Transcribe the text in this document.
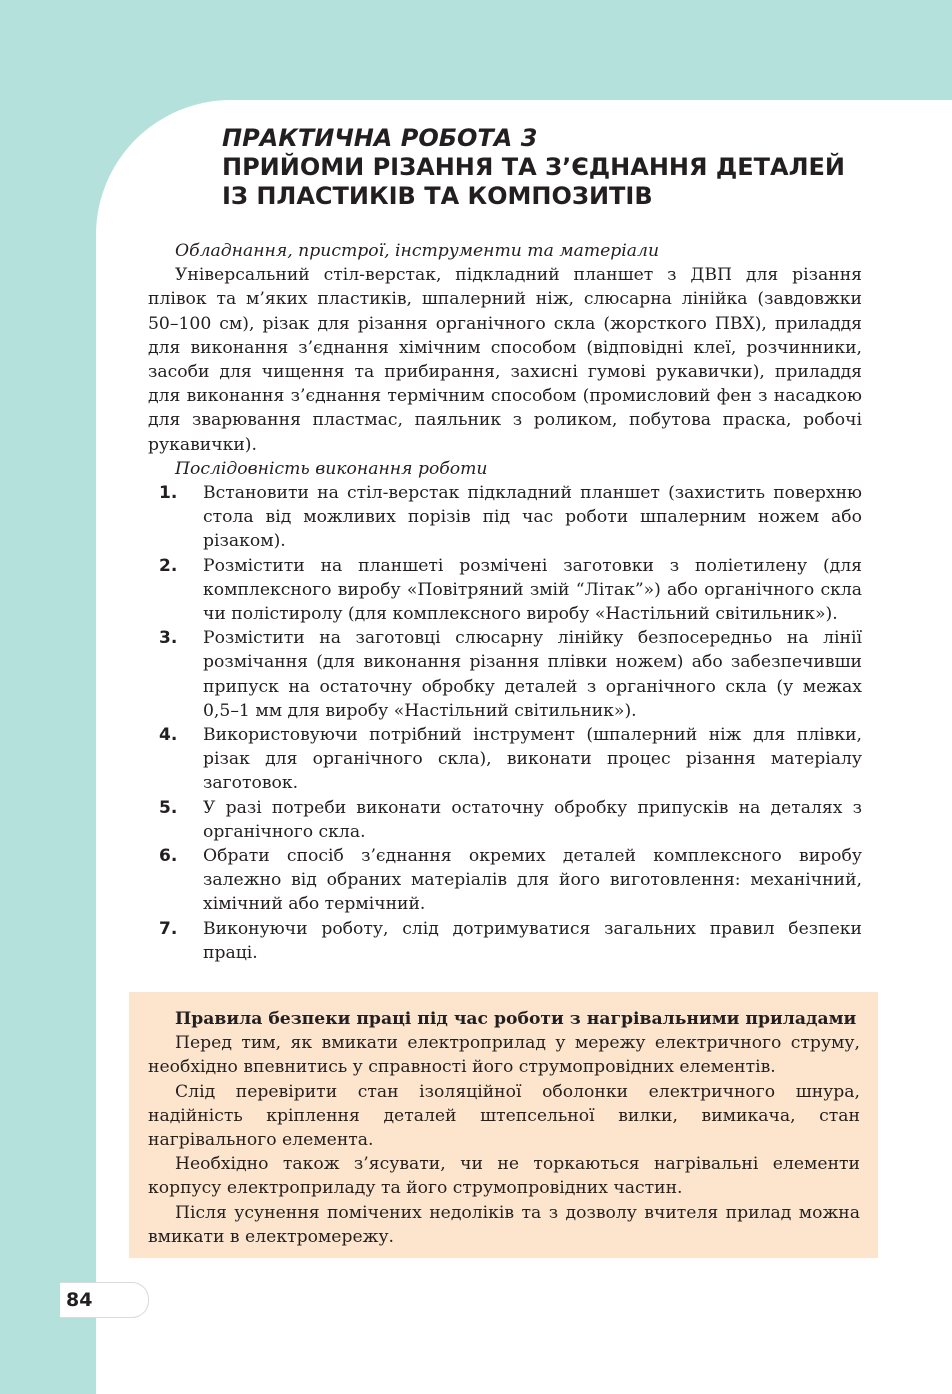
ПРАКТИЧНА РОБОТА 3
ПРИЙОМИ РІЗАННЯ ТА З’ЄДНАННЯ ДЕТАЛЕЙ
ІЗ ПЛАСТИКІВ ТА КОМПОЗИТІВ

Обладнання, пристрої, інструменти та матеріали

Універсальний стіл-верстак, підкладний планшет з ДВП для різання плівок та м’яких пластиків, шпалерний ніж, слюсарна лінійка (завдовжки 50–100 см), різак для різання органічного скла (жорсткого ПВХ), приладдя для виконання з’єднання хімічним способом (відповідні клеї, розчинники, засоби для чищення та прибирання, захисні гумові рукавички), приладдя для виконання з’єднання термічним способом (промисловий фен з насадкою для зварювання пластмас, паяльник з роликом, побутова праска, робочі рукавички).

Послідовність виконання роботи

1. Встановити на стіл-верстак підкладний планшет (захистить поверхню стола від можливих порізів під час роботи шпалерним ножем або різаком).
2. Розмістити на планшеті розмічені заготовки з поліетилену (для комплексного виробу «Повітряний змій “Літак”») або органічного скла чи полістиролу (для комплексного виробу «Настільний світильник»).
3. Розмістити на заготовці слюсарну лінійку безпосередньо на лінії розмічання (для виконання різання плівки ножем) або забезпечивши припуск на остаточну обробку деталей з органічного скла (у межах 0,5–1 мм для виробу «Настільний світильник»).
4. Використовуючи потрібний інструмент (шпалерний ніж для плівки, різак для органічного скла), виконати процес різання матеріалу заготовок.
5. У разі потреби виконати остаточну обробку припусків на деталях з органічного скла.
6. Обрати спосіб з’єднання окремих деталей комплексного виробу залежно від обраних матеріалів для його виготовлення: механічний, хімічний або термічний.
7. Виконуючи роботу, слід дотримуватися загальних правил безпеки праці.

Правила безпеки праці під час роботи з нагрівальними приладами

Перед тим, як вмикати електроприлад у мережу електричного струму, необхідно впевнитись у справності його струмопровідних елементів.

Слід перевірити стан ізоляційної оболонки електричного шнура, надійність кріплення деталей штепсельної вилки, вимикача, стан нагрівального елемента.

Необхідно також з’ясувати, чи не торкаються нагрівальні елементи корпусу електроприладу та його струмопровідних частин.

Після усунення помічених недоліків та з дозволу вчителя прилад можна вмикати в електромережу.

84
